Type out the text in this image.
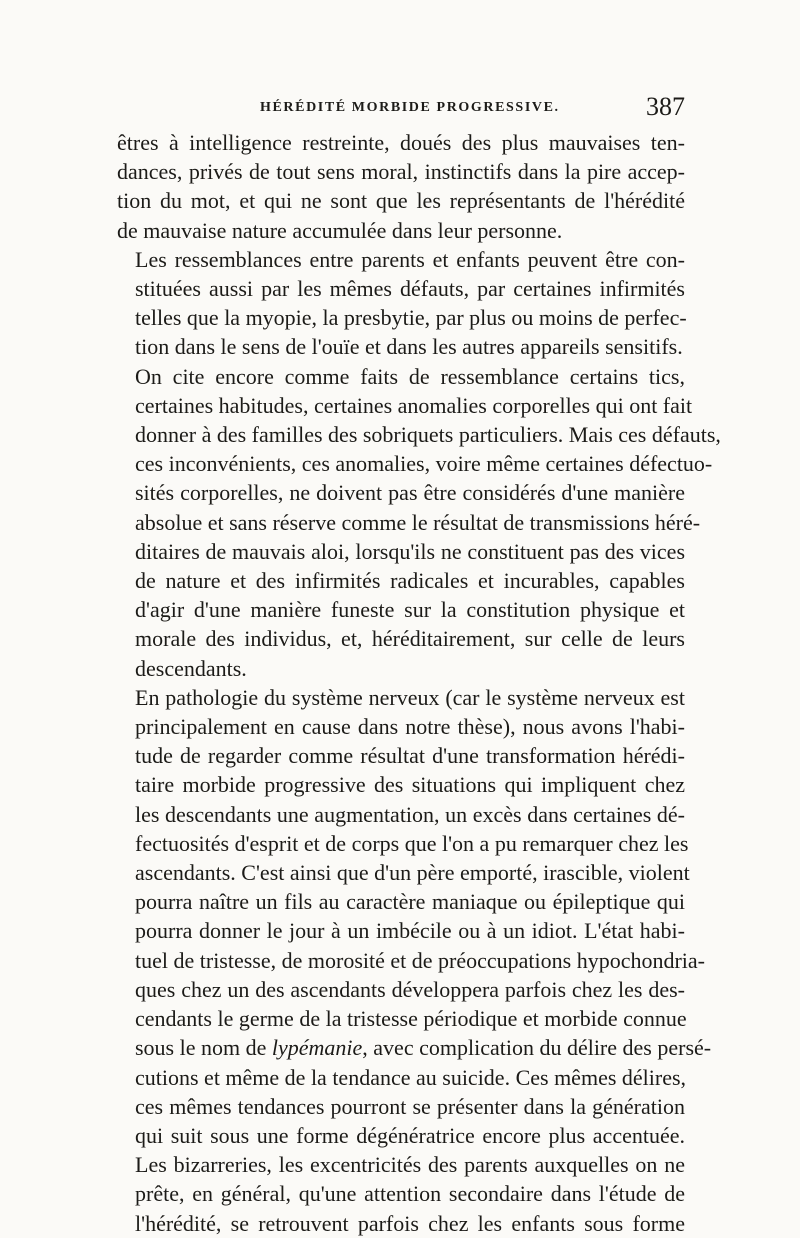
HÉRÉDITÉ MORBIDE PROGRESSIVE.	387

êtres à intelligence restreinte, doués des plus mauvaises ten-
dances, privés de tout sens moral, instinctifs dans la pire accep-
tion du mot, et qui ne sont que les représentants de l'hérédité
de mauvaise nature accumulée dans leur personne.

Les ressemblances entre parents et enfants peuvent être con-
stituées aussi par les mêmes défauts, par certaines infirmités
telles que la myopie, la presbytie, par plus ou moins de perfec-
tion dans le sens de l'ouïe et dans les autres appareils sensitifs.

On cite encore comme faits de ressemblance certains tics,
certaines habitudes, certaines anomalies corporelles qui ont fait
donner à des familles des sobriquets particuliers. Mais ces défauts,
ces inconvénients, ces anomalies, voire même certaines défectuo-
sités corporelles, ne doivent pas être considérés d'une manière
absolue et sans réserve comme le résultat de transmissions héré-
ditaires de mauvais aloi, lorsqu'ils ne constituent pas des vices
de nature et des infirmités radicales et incurables, capables
d'agir d'une manière funeste sur la constitution physique et
morale des individus, et, héréditairement, sur celle de leurs
descendants.

En pathologie du système nerveux (car le système nerveux est
principalement en cause dans notre thèse), nous avons l'habi-
tude de regarder comme résultat d'une transformation hérédi-
taire morbide progressive des situations qui impliquent chez
les descendants une augmentation, un excès dans certaines dé-
fectuosités d'esprit et de corps que l'on a pu remarquer chez les
ascendants. C'est ainsi que d'un père emporté, irascible, violent
pourra naître un fils au caractère maniaque ou épileptique qui
pourra donner le jour à un imbécile ou à un idiot. L'état habi-
tuel de tristesse, de morosité et de préoccupations hypochondria-
ques chez un des ascendants développera parfois chez les des-
cendants le germe de la tristesse périodique et morbide connue
sous le nom de lypémanie, avec complication du délire des persé-
cutions et même de la tendance au suicide. Ces mêmes délires,
ces mêmes tendances pourront se présenter dans la génération
qui suit sous une forme dégénératrice encore plus accentuée.
Les bizarreries, les excentricités des parents auxquelles on ne
prête, en général, qu'une attention secondaire dans l'étude de
l'hérédité, se retrouvent parfois chez les enfants sous forme
